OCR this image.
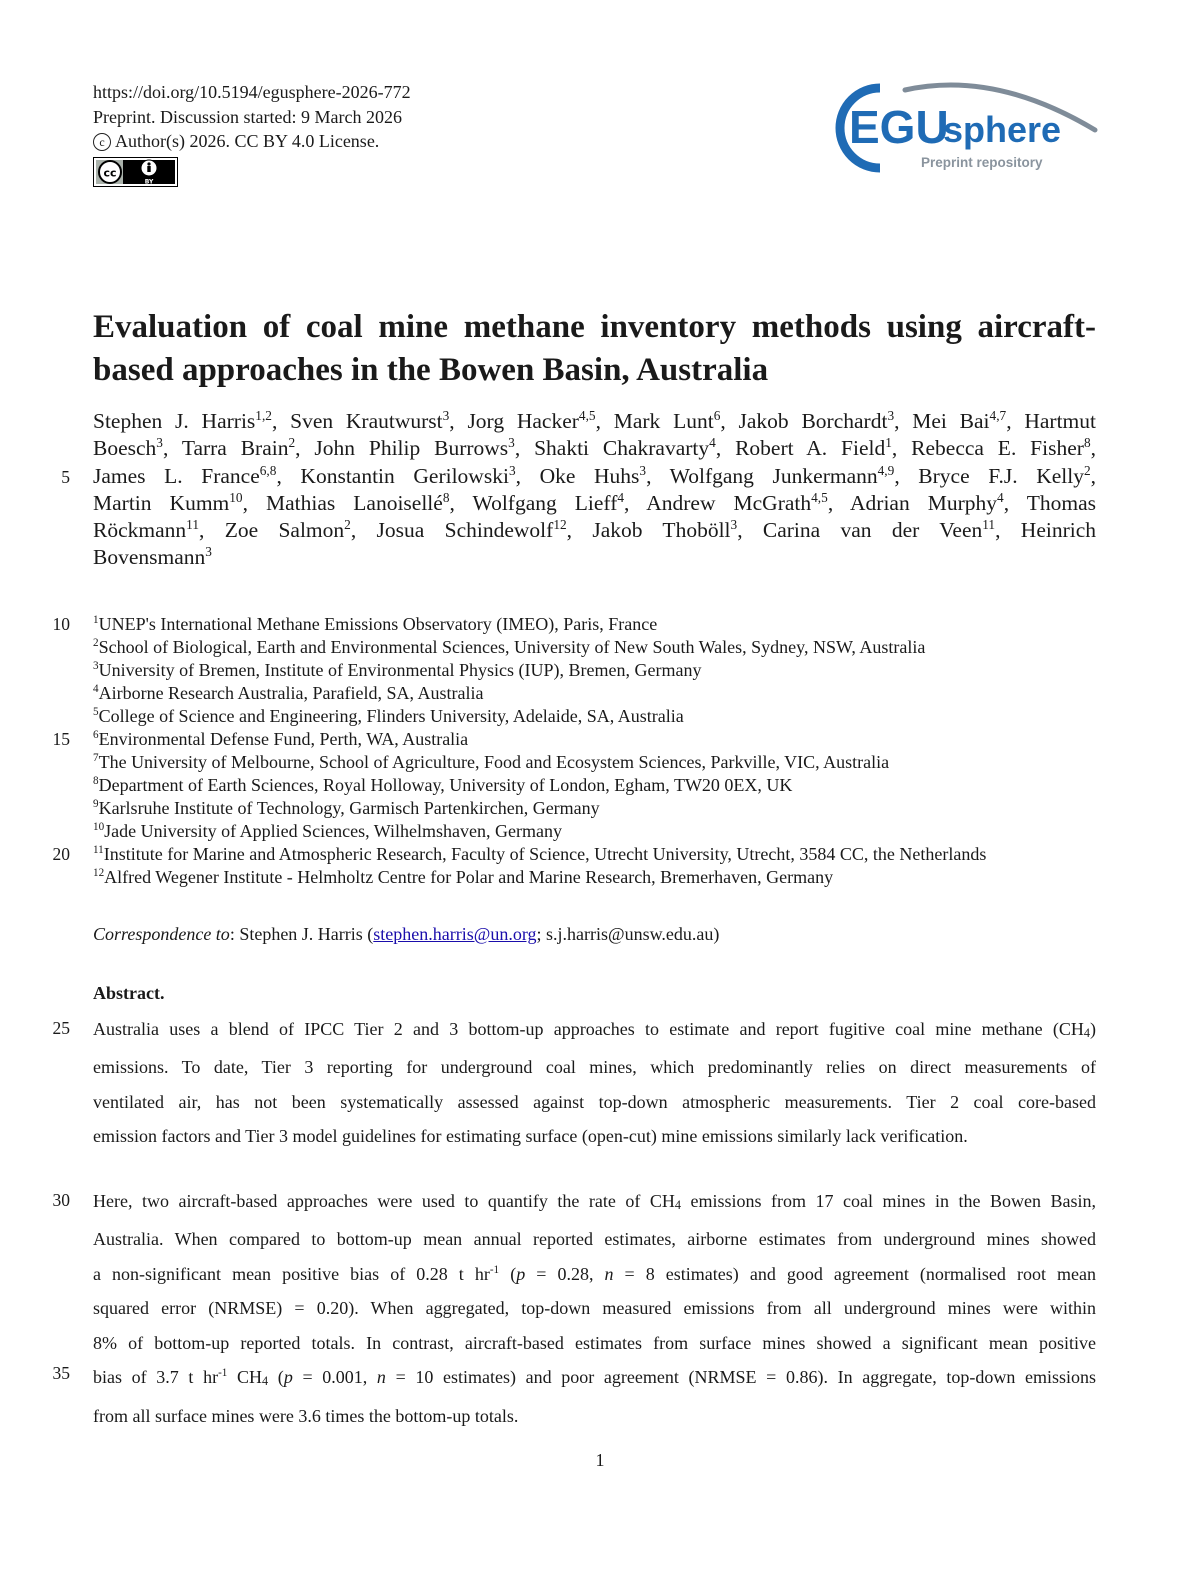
https://doi.org/10.5194/egusphere-2026-772
Preprint. Discussion started: 9 March 2026
c Author(s) 2026. CC BY 4.0 License.
cc
BY
EGU
sphere
Preprint repository
Evaluation of coal mine methane inventory methods using aircraft-
based approaches in the Bowen Basin, Australia
Stephen J. Harris$^{1,2}$, Sven Krautwurst$^3$, Jorg Hacker$^{4,5}$, Mark Lunt$^6$, Jakob Borchardt$^3$, Mei Bai$^{4,7}$, Hartmut
Boesch$^3$, Tarra Brain$^2$, John Philip Burrows$^3$, Shakti Chakravarty$^4$, Robert A. Field$^1$, Rebecca E. Fisher$^8$,
James L. France$^{6,8}$, Konstantin Gerilowski$^3$, Oke Huhs$^3$, Wolfgang Junkermann$^{4,9}$, Bryce F.J. Kelly$^2$,
Martin Kumm$^{10}$, Mathias Lanoisellé$^8$, Wolfgang Lieff$^4$, Andrew McGrath$^{4,5}$, Adrian Murphy$^4$, Thomas
Röckmann$^{11}$, Zoe Salmon$^2$, Josua Schindewolf$^{12}$, Jakob Thoböll$^3$, Carina van der Veen$^{11}$, Heinrich
Bovensmann$^3$
5
10
15
20
25
30
35
$^1$UNEP's International Methane Emissions Observatory (IMEO), Paris, France
$^2$School of Biological, Earth and Environmental Sciences, University of New South Wales, Sydney, NSW, Australia
$^3$University of Bremen, Institute of Environmental Physics (IUP), Bremen, Germany
$^4$Airborne Research Australia, Parafield, SA, Australia
$^5$College of Science and Engineering, Flinders University, Adelaide, SA, Australia
$^6$Environmental Defense Fund, Perth, WA, Australia
$^7$The University of Melbourne, School of Agriculture, Food and Ecosystem Sciences, Parkville, VIC, Australia
$^8$Department of Earth Sciences, Royal Holloway, University of London, Egham, TW20 0EX, UK
$^9$Karlsruhe Institute of Technology, Garmisch Partenkirchen, Germany
$^{10}$Jade University of Applied Sciences, Wilhelmshaven, Germany
$^{11}$Institute for Marine and Atmospheric Research, Faculty of Science, Utrecht University, Utrecht, 3584 CC, the Netherlands
$^{12}$Alfred Wegener Institute - Helmholtz Centre for Polar and Marine Research, Bremerhaven, Germany
Correspondence to: Stephen J. Harris (stephen.harris@un.org; s.j.harris@unsw.edu.au)
Abstract.
Australia uses a blend of IPCC Tier 2 and 3 bottom-up approaches to estimate and report fugitive coal mine methane (CH4)
emissions. To date, Tier 3 reporting for underground coal mines, which predominantly relies on direct measurements of
ventilated air, has not been systematically assessed against top-down atmospheric measurements. Tier 2 coal core-based
emission factors and Tier 3 model guidelines for estimating surface (open-cut) mine emissions similarly lack verification.
Here, two aircraft-based approaches were used to quantify the rate of CH4 emissions from 17 coal mines in the Bowen Basin,
Australia. When compared to bottom-up mean annual reported estimates, airborne estimates from underground mines showed
a non-significant mean positive bias of 0.28 t $hr^{-1}$ (p = 0.28, n = 8 estimates) and good agreement (normalised root mean
squared error (NRMSE) = 0.20). When aggregated, top-down measured emissions from all underground mines were within
8% of bottom-up reported totals. In contrast, aircraft-based estimates from surface mines showed a significant mean positive
bias of 3.7 t $hr^{-1}$ CH4 (p = 0.001, n = 10 estimates) and poor agreement (NRMSE = 0.86). In aggregate, top-down emissions
from all surface mines were 3.6 times the bottom-up totals.
1
